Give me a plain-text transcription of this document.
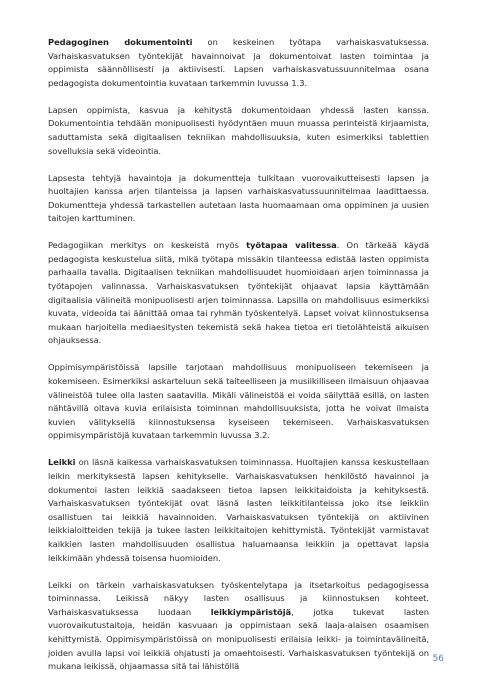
Pedagoginen dokumentointi on keskeinen työtapa varhaiskasvatuksessa. Varhaiskasvatuksen työntekijät havainnoivat ja dokumentoivat lasten toimintaa ja oppimista säännöllisesti ja aktiivisesti. Lapsen varhaiskasvatussuunnitelmaa osana pedagogista dokumentointia kuvataan tarkemmin luvussa 1.3.

Lapsen oppimista, kasvua ja kehitystä dokumentoidaan yhdessä lasten kanssa. Dokumentointia tehdään monipuolisesti hyödyntäen muun muassa perinteistä kirjaamista, saduttamista sekä digitaalisen tekniikan mahdollisuuksia, kuten esimerkiksi tablettien sovelluksia sekä videointia.

Lapsesta tehtyjä havaintoja ja dokumentteja tulkitaan vuorovaikutteisesti lapsen ja huoltajien kanssa arjen tilanteissa ja lapsen varhaiskasvatussuunnitelmaa laadittaessa. Dokumentteja yhdessä tarkastellen autetaan lasta huomaamaan oma oppiminen ja uusien taitojen karttuminen.

Pedagogiikan merkitys on keskeistä myös työtapaa valitessa. On tärkeää käydä pedagogista keskustelua siitä, mikä työtapa missäkin tilanteessa edistää lasten oppimista parhaalla tavalla. Digitaalisen tekniikan mahdollisuudet huomioidaan arjen toiminnassa ja työtapojen valinnassa. Varhaiskasvatuksen työntekijät ohjaavat lapsia käyttämään digitaalisia välineitä monipuolisesti arjen toiminnassa. Lapsilla on mahdollisuus esimerkiksi kuvata, videoida tai äänittää omaa tai ryhmän työskentelyä. Lapset voivat kiinnostuksensa mukaan harjoitella mediaesitysten tekemistä sekä hakea tietoa eri tietolähteistä aikuisen ohjauksessa.

Oppimisympäristöissä lapsille tarjotaan mahdollisuus monipuoliseen tekemiseen ja kokemiseen. Esimerkiksi askarteluun sekä taiteelliseen ja musiikilliseen ilmaisuun ohjaavaa välineistöä tulee olla lasten saatavilla. Mikäli välineistöä ei voida säilyttää esillä, on lasten nähtävillä oltava kuvia erilaisista toiminnan mahdollisuuksista, jotta he voivat ilmaista kuvien välityksellä kiinnostuksensa kyseiseen tekemiseen. Varhaiskasvatuksen oppimisympäristöjä kuvataan tarkemmin luvussa 3.2.

Leikki on läsnä kaikessa varhaiskasvatuksen toiminnassa. Huoltajien kanssa keskustellaan leikin merkityksestä lapsen kehitykselle. Varhaiskasvatuksen henkilöstö havainnoi ja dokumentoi lasten leikkiä saadakseen tietoa lapsen leikkitaidoista ja kehityksestä. Varhaiskasvatuksen työntekijät ovat läsnä lasten leikkitilanteissa joko itse leikkiin osallistuen tai leikkiä havainnoiden. Varhaiskasvatuksen työntekijä on aktiivinen leikkialoitteiden tekijä ja tukee lasten leikkitaitojen kehittymistä. Työntekijät varmistavat kaikkien lasten mahdollisuuden osallistua haluamaansa leikkiin ja opettavat lapsia leikkimään yhdessä toisensa huomioiden.

Leikki on tärkein varhaiskasvatuksen työskentelytapa ja itsetarkoitus pedagogisessa toiminnassa. Leikissä näkyy lasten osallisuus ja kiinnostuksen kohteet. Varhaiskasvatuksessa luodaan leikkiympäristöjä, jotka tukevat lasten vuorovaikutustaitoja, heidän kasvuaan ja oppimistaan sekä laaja-alaisen osaamisen kehittymistä. Oppimisympäristöissä on monipuolisesti erilaisia leikki- ja toimintavälineitä, joiden avulla lapsi voi leikkiä ohjatusti ja omaehtoisesti. Varhaiskasvatuksen työntekijä on mukana leikissä, ohjaamassa sitä tai lähistöllä

56
